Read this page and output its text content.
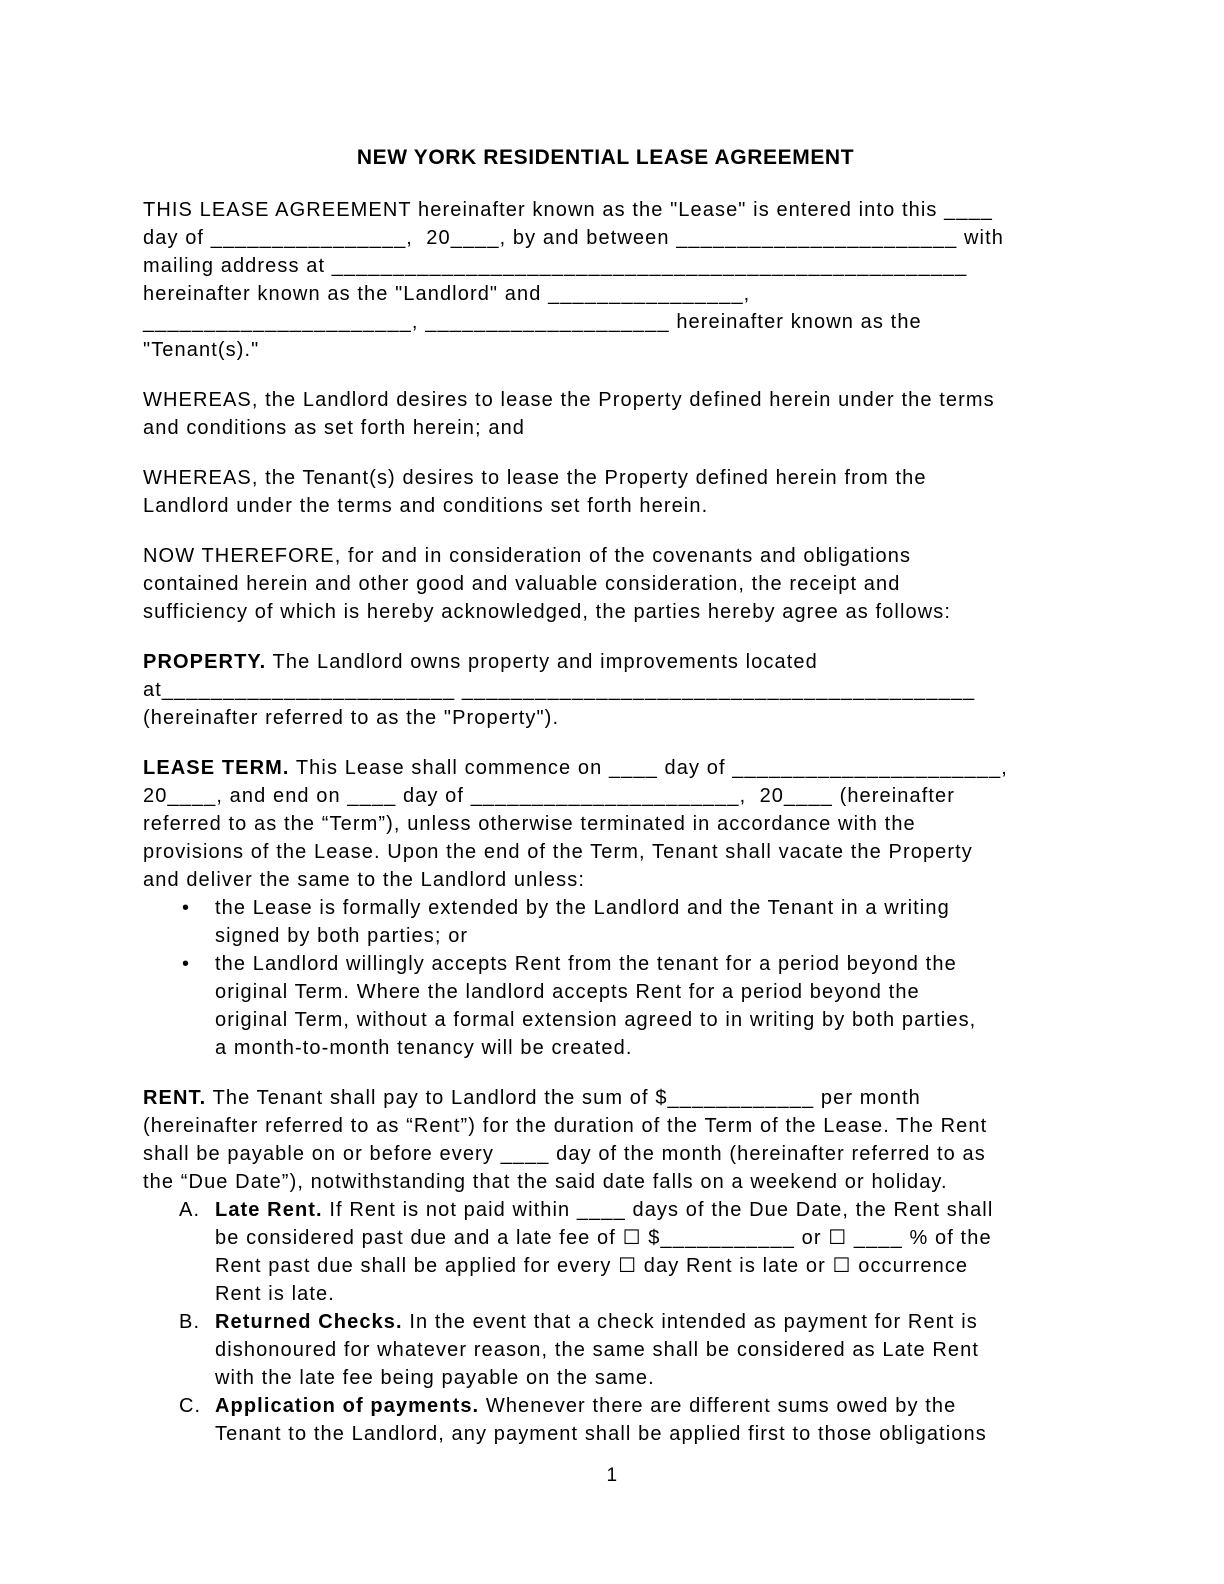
NEW YORK RESIDENTIAL LEASE AGREEMENT
THIS LEASE AGREEMENT hereinafter known as the "Lease" is entered into this ____
day of ________________,  20____, by and between _______________________ with
mailing address at ____________________________________________________
hereinafter known as the "Landlord" and ________________,
______________________, ____________________ hereinafter known as the
"Tenant(s)."
WHEREAS, the Landlord desires to lease the Property defined herein under the terms
and conditions as set forth herein; and
WHEREAS, the Tenant(s) desires to lease the Property defined herein from the
Landlord under the terms and conditions set forth herein.
NOW THEREFORE, for and in consideration of the covenants and obligations
contained herein and other good and valuable consideration, the receipt and
sufficiency of which is hereby acknowledged, the parties hereby agree as follows:
PROPERTY. The Landlord owns property and improvements located
at________________________ __________________________________________
(hereinafter referred to as the "Property").
LEASE TERM. This Lease shall commence on ____ day of ______________________,
20____, and end on ____ day of ______________________,  20____ (hereinafter
referred to as the “Term”), unless otherwise terminated in accordance with the
provisions of the Lease. Upon the end of the Term, Tenant shall vacate the Property
and deliver the same to the Landlord unless:
• the Lease is formally extended by the Landlord and the Tenant in a writing
signed by both parties; or
• the Landlord willingly accepts Rent from the tenant for a period beyond the
original Term. Where the landlord accepts Rent for a period beyond the
original Term, without a formal extension agreed to in writing by both parties,
a month-to-month tenancy will be created.
RENT. The Tenant shall pay to Landlord the sum of $____________ per month
(hereinafter referred to as “Rent”) for the duration of the Term of the Lease. The Rent
shall be payable on or before every ____ day of the month (hereinafter referred to as
the “Due Date”), notwithstanding that the said date falls on a weekend or holiday.
A. Late Rent. If Rent is not paid within ____ days of the Due Date, the Rent shall
be considered past due and a late fee of ☐ $___________ or ☐ ____ % of the
Rent past due shall be applied for every ☐ day Rent is late or ☐ occurrence
Rent is late.
B. Returned Checks. In the event that a check intended as payment for Rent is
dishonoured for whatever reason, the same shall be considered as Late Rent
with the late fee being payable on the same.
C. Application of payments. Whenever there are different sums owed by the
Tenant to the Landlord, any payment shall be applied first to those obligations
1
